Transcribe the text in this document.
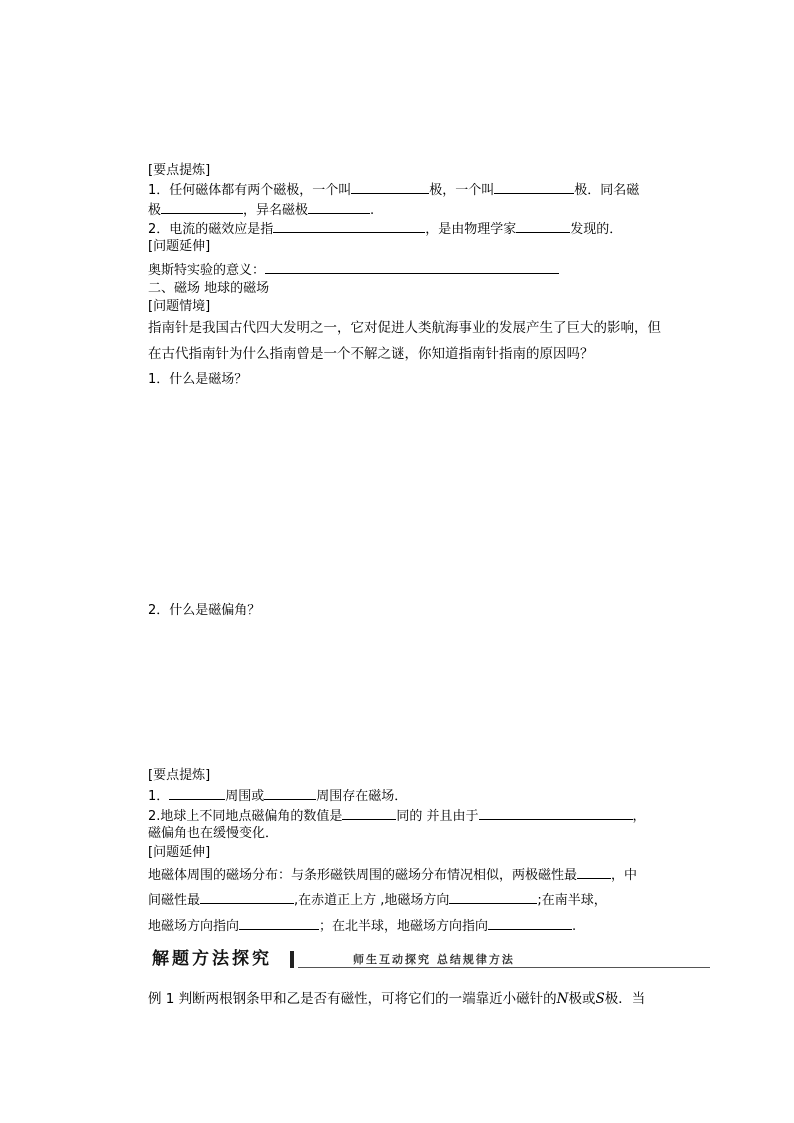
[要点提炼]
1．任何磁体都有两个磁极，一个叫	极，一个叫	极．同名磁
极	，异名磁极	.
2．电流的磁效应是指	，是由物理学家	发现的．
[问题延伸]
奥斯特实验的意义：
二、磁场 地球的磁场
[问题情境]
指南针是我国古代四大发明之一，它对促进人类航海事业的发展产生了巨大的影响，但
在古代指南针为什么指南曾是一个不解之谜，你知道指南针指南的原因吗？
1．什么是磁场？
2．什么是磁偏角？
[要点提炼]
1．	周围或	周围存在磁场．
2.地球上不同地点磁偏角的数值是	同的 并且由于	，
磁偏角也在缓慢变化．
[问题延伸]
地磁体周围的磁场分布：与条形磁铁周围的磁场分布情况相似，两极磁性最	，中
间磁性最	,在赤道正上方 ,地磁场方向	;在南半球，
地磁场方向指向	；在北半球，地磁场方向指向	.
解题方法探究	师生互动探究 总结规律方法
例 1 判断两根钢条甲和乙是否有磁性，可将它们的一端靠近小磁针的N极或S极．当
